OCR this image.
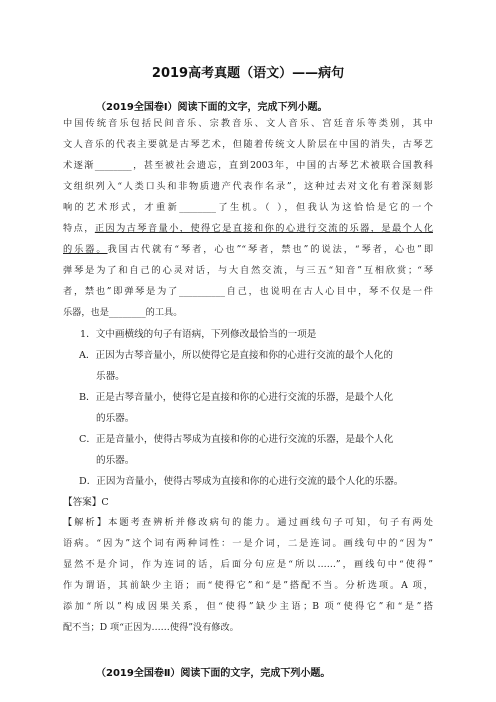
2019高考真题（语文）——病句
（2019全国卷Ⅰ）阅读下面的文字，完成下列小题。
中国传统音乐包括民间音乐、宗教音乐、文人音乐、宫廷音乐等类别，其中
文人音乐的代表主要就是古琴艺术，但随着传统文人阶层在中国的消失，古琴艺
术逐渐________，甚至被社会遗忘，直到2003年，中国的古琴艺术被联合国教科
文组织列入“人类口头和非物质遗产代表作名录”，这种过去对文化有着深刻影
响的艺术形式，才重新________了生机。（ ），但我认为这恰恰是它的一个
特点，正因为古琴音量小，使得它是直接和你的心进行交流的乐器，是最个人化
的乐器。我国古代就有“琴者，心也”“琴者，禁也”的说法，“琴者，心也”即
弹琴是为了和自己的心灵对话，与大自然交流，与三五“知音”互相欣赏；“琴
者，禁也”即弹琴是为了__________自己，也说明在古人心目中，琴不仅是一件
乐器，也是________的工具。
1．文中画横线的句子有语病，下列修改最恰当的一项是
A．正因为古琴音量小，所以使得它是直接和你的心进行交流的最个人化的
乐器。
B．正是古琴音量小，使得它是直接和你的心进行交流的乐器，是最个人化
的乐器。
C．正是音量小，使得古琴成为直接和你的心进行交流的乐器，是最个人化
的乐器。
D．正因为音量小，使得古琴成为直接和你的心进行交流的最个人化的乐器。
【答案】C
【解析】本题考查辨析并修改病句的能力。通过画线句子可知，句子有两处
语病。“因为”这个词有两种词性：一是介词，二是连词。画线句中的“因为”
显然不是介词，作为连词的话，后面分句应是“所以……”，画线句中“使得”
作为谓语，其前缺少主语；而“使得它”和“是”搭配不当。分析选项。A 项，
添加“所以”构成因果关系，但“使得”缺少主语；B 项“使得它”和“是”搭
配不当；D 项“正因为……使得”没有修改。
（2019全国卷Ⅱ）阅读下面的文字，完成下列小题。
